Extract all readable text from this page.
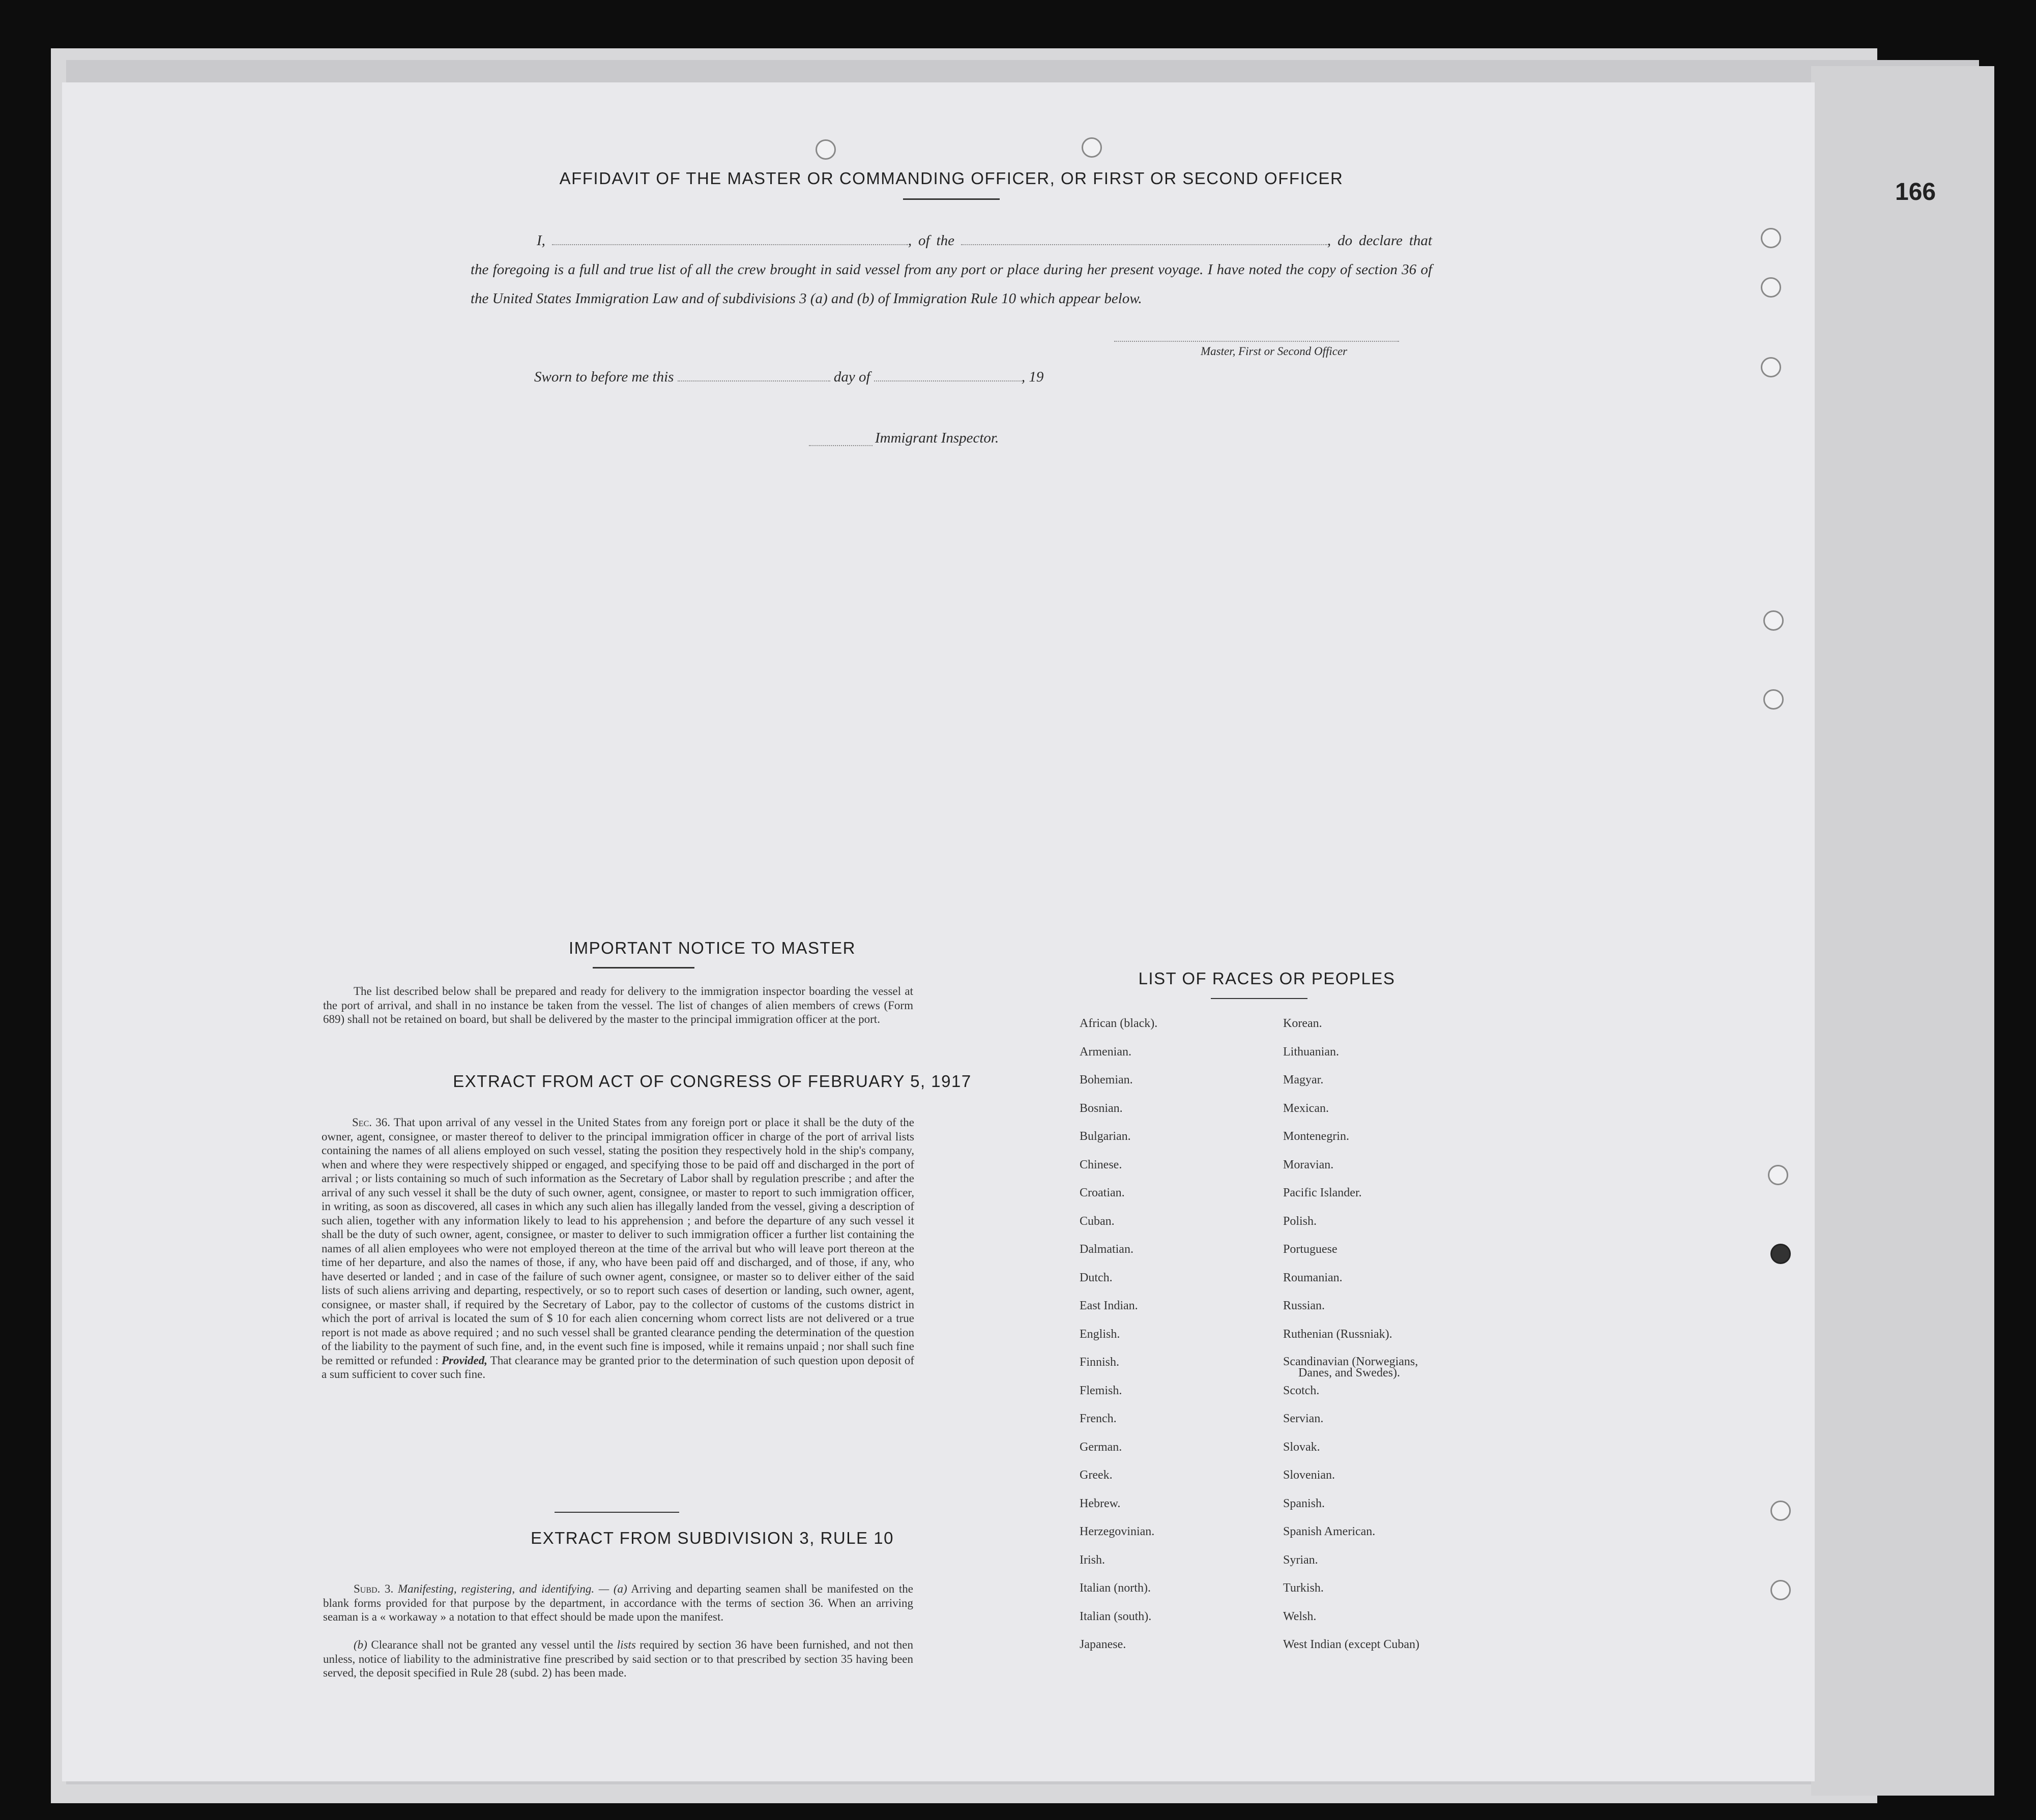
166
AFFIDAVIT OF THE MASTER OR COMMANDING OFFICER, OR FIRST OR SECOND OFFICER
I,	, of the	, do declare that the foregoing is a full and true list of all the crew brought in said vessel from any port or place during her present voyage. I have noted the copy of section 36 of the United States Immigration Law and of subdivisions 3 (a) and (b) of Immigration Rule 10 which appear below.
Master, First or Second Officer
Sworn to before me this	day of	, 19
Immigrant Inspector.
IMPORTANT NOTICE TO MASTER
The list described below shall be prepared and ready for delivery to the immigration inspector boarding the vessel at the port of arrival, and shall in no instance be taken from the vessel. The list of changes of alien members of crews (Form 689) shall not be retained on board, but shall be delivered by the master to the principal immigration officer at the port.
EXTRACT FROM ACT OF CONGRESS OF FEBRUARY 5, 1917
Sec. 36. That upon arrival of any vessel in the United States from any foreign port or place it shall be the duty of the owner, agent, consignee, or master thereof to deliver to the principal immigration officer in charge of the port of arrival lists containing the names of all aliens employed on such vessel, stating the position they respectively hold in the ship's company, when and where they were respectively shipped or engaged, and specifying those to be paid off and discharged in the port of arrival ; or lists containing so much of such information as the Secretary of Labor shall by regulation prescribe ; and after the arrival of any such vessel it shall be the duty of such owner, agent, consignee, or master to report to such immigration officer, in writing, as soon as discovered, all cases in which any such alien has illegally landed from the vessel, giving a description of such alien, together with any information likely to lead to his apprehension ; and before the departure of any such vessel it shall be the duty of such owner, agent, consignee, or master to deliver to such immigration officer a further list containing the names of all alien employees who were not employed thereon at the time of the arrival but who will leave port thereon at the time of her departure, and also the names of those, if any, who have been paid off and discharged, and of those, if any, who have deserted or landed ; and in case of the failure of such owner agent, consignee, or master so to deliver either of the said lists of such aliens arriving and departing, respectively, or so to report such cases of desertion or landing, such owner, agent, consignee, or master shall, if required by the Secretary of Labor, pay to the collector of customs of the customs district in which the port of arrival is located the sum of $ 10 for each alien concerning whom correct lists are not delivered or a true report is not made as above required ; and no such vessel shall be granted clearance pending the determination of the question of the liability to the payment of such fine, and, in the event such fine is imposed, while it remains unpaid ; nor shall such fine be remitted or refunded : Provided, That clearance may be granted prior to the determination of such question upon deposit of a sum sufficient to cover such fine.
EXTRACT FROM SUBDIVISION 3, RULE 10
Subd. 3. Manifesting, registering, and identifying. — (a) Arriving and departing seamen shall be manifested on the blank forms provided for that purpose by the department, in accordance with the terms of section 36. When an arriving seaman is a « workaway » a notation to that effect should be made upon the manifest.
(b) Clearance shall not be granted any vessel until the lists required by section 36 have been furnished, and not then unless, notice of liability to the administrative fine prescribed by said section or to that prescribed by section 35 having been served, the deposit specified in Rule 28 (subd. 2) has been made.
LIST OF RACES OR PEOPLES
African (black).
Armenian.
Bohemian.
Bosnian.
Bulgarian.
Chinese.
Croatian.
Cuban.
Dalmatian.
Dutch.
East Indian.
English.
Finnish.
Flemish.
French.
German.
Greek.
Hebrew.
Herzegovinian.
Irish.
Italian (north).
Italian (south).
Japanese.
Korean.
Lithuanian.
Magyar.
Mexican.
Montenegrin.
Moravian.
Pacific Islander.
Polish.
Portuguese
Roumanian.
Russian.
Ruthenian (Russniak).
Scandinavian (Norwegians,
Danes, and Swedes).
Scotch.
Servian.
Slovak.
Slovenian.
Spanish.
Spanish American.
Syrian.
Turkish.
Welsh.
West Indian (except Cuban)
